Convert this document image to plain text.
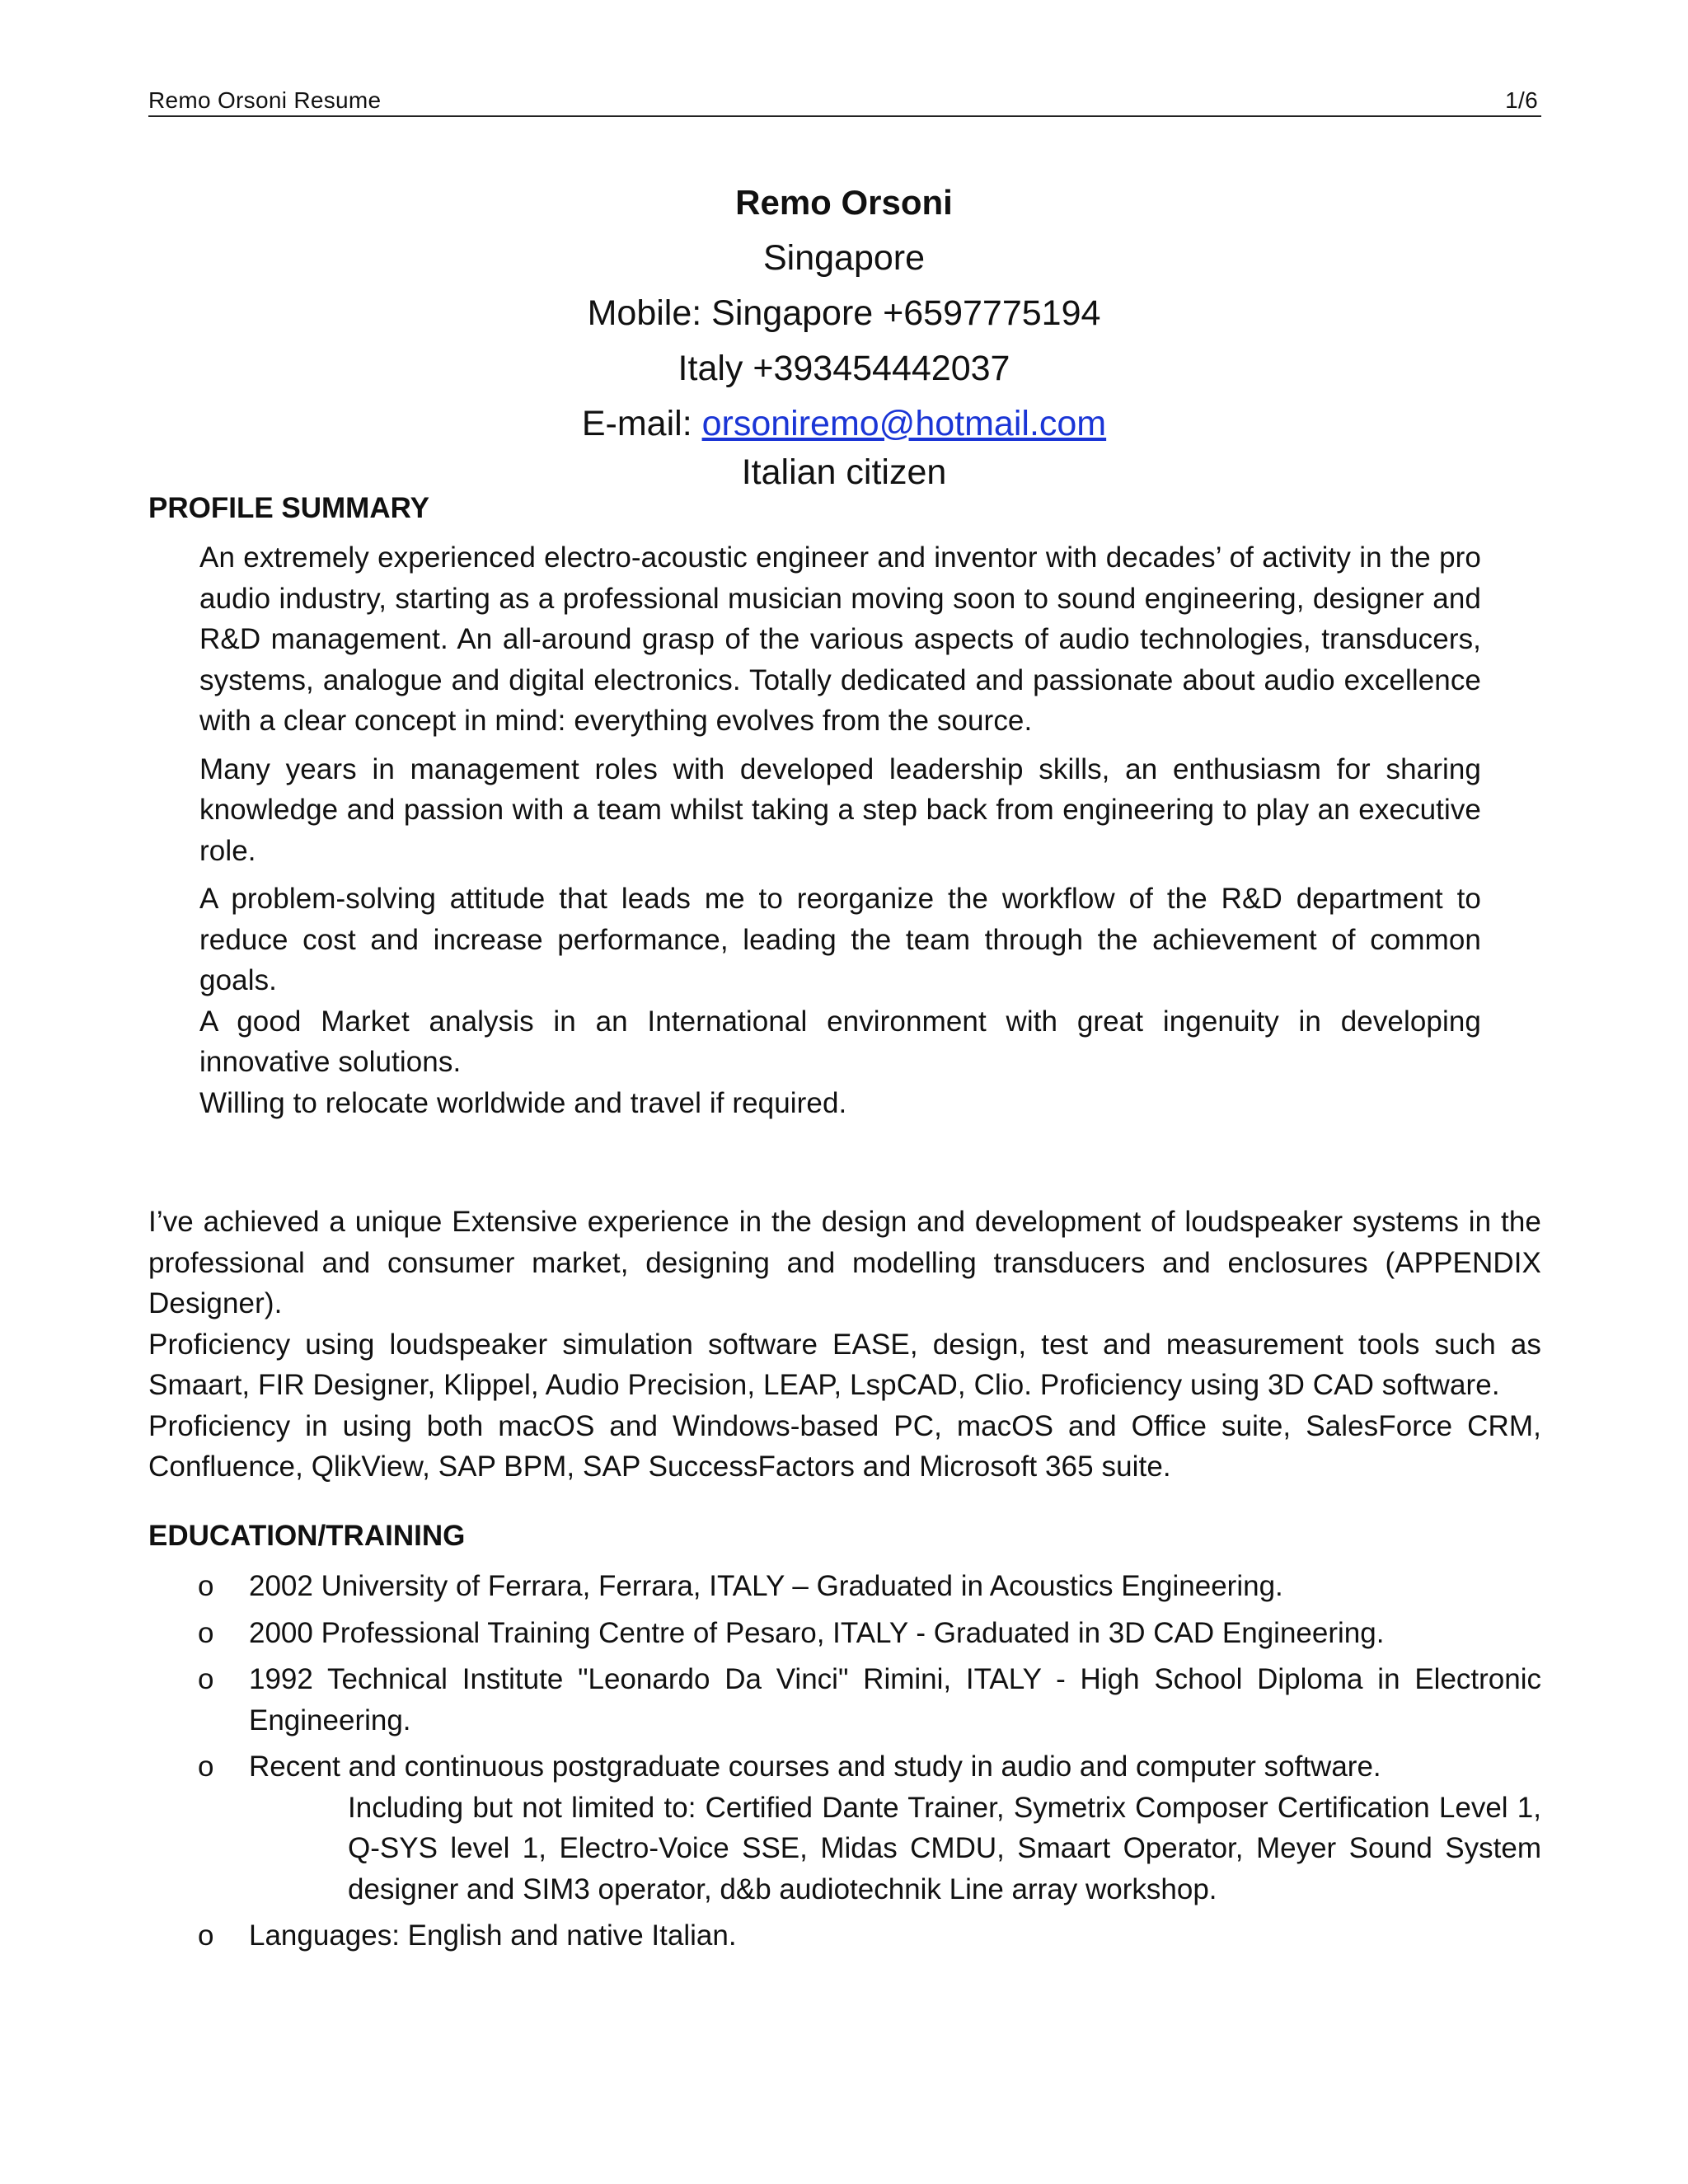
Remo Orsoni Resume	1/6
Remo Orsoni
Singapore
Mobile: Singapore +6597775194
Italy +393454442037
E-mail: orsoniremo@hotmail.com
Italian citizen
PROFILE SUMMARY

An extremely experienced electro-acoustic engineer and inventor with decades’ of activity in the pro audio industry, starting as a professional musician moving soon to sound engineering, designer and R&D management. An all-around grasp of the various aspects of audio technologies, transducers, systems, analogue and digital electronics. Totally dedicated and passionate about audio excellence with a clear concept in mind: everything evolves from the source.

Many years in management roles with developed leadership skills, an enthusiasm for sharing knowledge and passion with a team whilst taking a step back from engineering to play an executive role.

A problem-solving attitude that leads me to reorganize the workflow of the R&D department to reduce cost and increase performance, leading the team through the achievement of common goals.

A good Market analysis in an International environment with great ingenuity in developing innovative solutions.

Willing to relocate worldwide and travel if required.

I’ve achieved a unique Extensive experience in the design and development of loudspeaker systems in the professional and consumer market, designing and modelling transducers and enclosures (APPENDIX Designer).

Proficiency using loudspeaker simulation software EASE, design, test and measurement tools such as Smaart, FIR Designer, Klippel, Audio Precision, LEAP, LspCAD, Clio. Proficiency using 3D CAD software.

Proficiency in using both macOS and Windows-based PC, macOS and Office suite, SalesForce CRM, Confluence, QlikView, SAP BPM, SAP SuccessFactors and Microsoft 365 suite.

EDUCATION/TRAINING
o 2002 University of Ferrara, Ferrara, ITALY – Graduated in Acoustics Engineering.
o 2000 Professional Training Centre of Pesaro, ITALY - Graduated in 3D CAD Engineering.
o 1992 Technical Institute "Leonardo Da Vinci" Rimini, ITALY - High School Diploma in Electronic Engineering.
o Recent and continuous postgraduate courses and study in audio and computer software.
Including but not limited to: Certified Dante Trainer, Symetrix Composer Certification Level 1, Q-SYS level 1, Electro-Voice SSE, Midas CMDU, Smaart Operator, Meyer Sound System designer and SIM3 operator, d&b audiotechnik Line array workshop.
o Languages: English and native Italian.
